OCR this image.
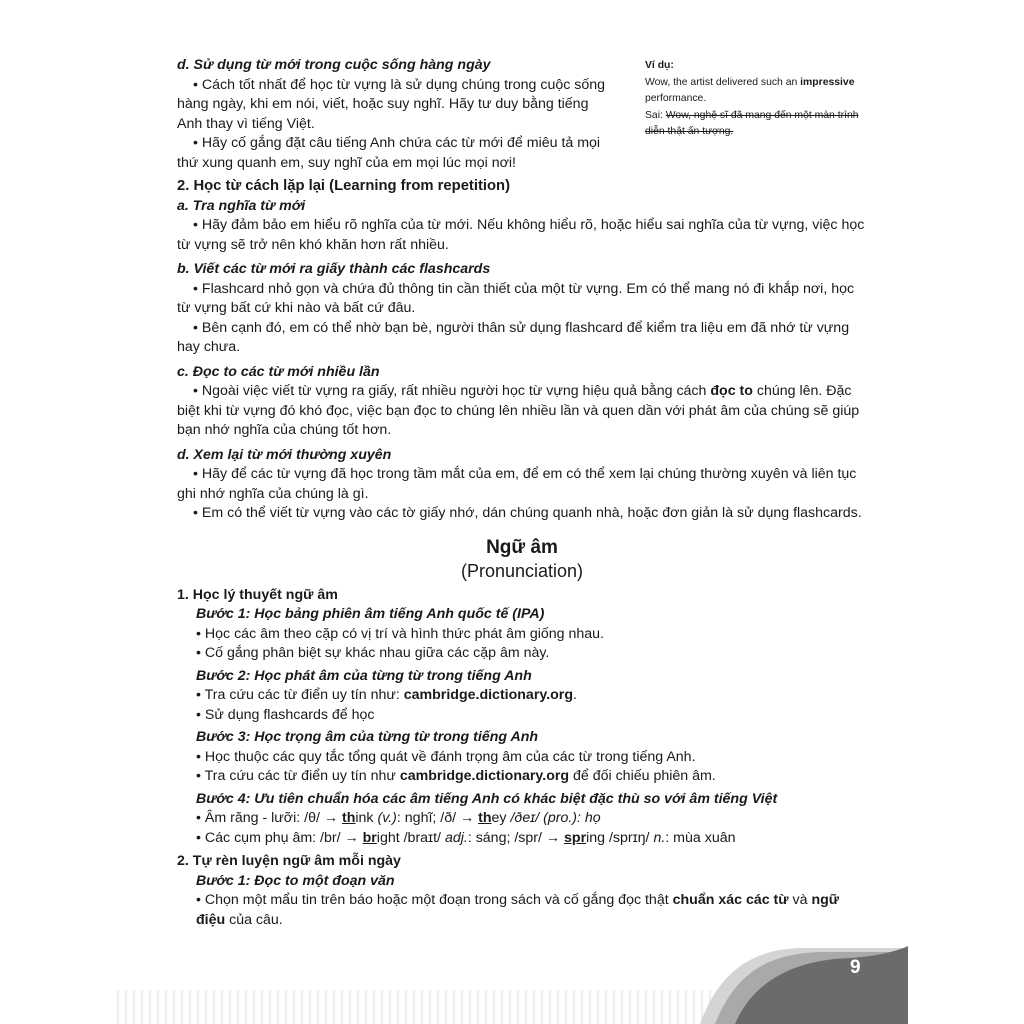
Ví dụ:
Wow, the artist delivered such an impressive performance.
Sai: Wow, nghệ sĩ đã mang đến một màn trình diễn thật ấn tượng.
d. Sử dụng từ mới trong cuộc sống hàng ngày
• Cách tốt nhất để học từ vựng là sử dụng chúng trong cuộc sống hàng ngày, khi em nói, viết, hoặc suy nghĩ. Hãy tư duy bằng tiếng Anh thay vì tiếng Việt.
• Hãy cố gắng đặt câu tiếng Anh chứa các từ mới để miêu tả mọi thứ xung quanh em, suy nghĩ của em mọi lúc mọi nơi!
2. Học từ cách lặp lại (Learning from repetition)
a. Tra nghĩa từ mới
• Hãy đảm bảo em hiểu rõ nghĩa của từ mới. Nếu không hiểu rõ, hoặc hiểu sai nghĩa của từ vựng, việc học từ vựng sẽ trở nên khó khăn hơn rất nhiều.
b. Viết các từ mới ra giấy thành các flashcards
• Flashcard nhỏ gọn và chứa đủ thông tin cần thiết của một từ vựng. Em có thể mang nó đi khắp nơi, học từ vựng bất cứ khi nào và bất cứ đâu.
• Bên cạnh đó, em có thể nhờ bạn bè, người thân sử dụng flashcard để kiểm tra liệu em đã nhớ từ vựng hay chưa.
c. Đọc to các từ mới nhiều lần
• Ngoài việc viết từ vựng ra giấy, rất nhiều người học từ vựng hiệu quả bằng cách đọc to chúng lên. Đặc biệt khi từ vựng đó khó đọc, việc bạn đọc to chúng lên nhiều lần và quen dần với phát âm của chúng sẽ giúp bạn nhớ nghĩa của chúng tốt hơn.
d. Xem lại từ mới thường xuyên
• Hãy để các từ vựng đã học trong tầm mắt của em, để em có thể xem lại chúng thường xuyên và liên tục ghi nhớ nghĩa của chúng là gì.
• Em có thể viết từ vựng vào các tờ giấy nhớ, dán chúng quanh nhà, hoặc đơn giản là sử dụng flashcards.
Ngữ âm
(Pronunciation)
1. Học lý thuyết ngữ âm
Bước 1: Học bảng phiên âm tiếng Anh quốc tế (IPA)
• Học các âm theo cặp có vị trí và hình thức phát âm giống nhau.
• Cố gắng phân biệt sự khác nhau giữa các cặp âm này.
Bước 2: Học phát âm của từng từ trong tiếng Anh
• Tra cứu các từ điển uy tín như: cambridge.dictionary.org.
• Sử dụng flashcards để học
Bước 3: Học trọng âm của từng từ trong tiếng Anh
• Học thuộc các quy tắc tổng quát về đánh trọng âm của các từ trong tiếng Anh.
• Tra cứu các từ điển uy tín như cambridge.dictionary.org để đối chiếu phiên âm.
Bước 4: Ưu tiên chuẩn hóa các âm tiếng Anh có khác biệt đặc thù so với âm tiếng Việt
• Âm răng - lưỡi: /θ/ → think (v.): nghĩ; /ð/ → they /ðeɪ/ (pro.): họ
• Các cụm phụ âm: /br/ → bright /braɪt/ adj.: sáng; /spr/ → spring /sprɪŋ/ n.: mùa xuân
2. Tự rèn luyện ngữ âm mỗi ngày
Bước 1: Đọc to một đoạn văn
• Chọn một mẩu tin trên báo hoặc một đoạn trong sách và cố gắng đọc thật chuẩn xác các từ và ngữ điệu của câu.
9
